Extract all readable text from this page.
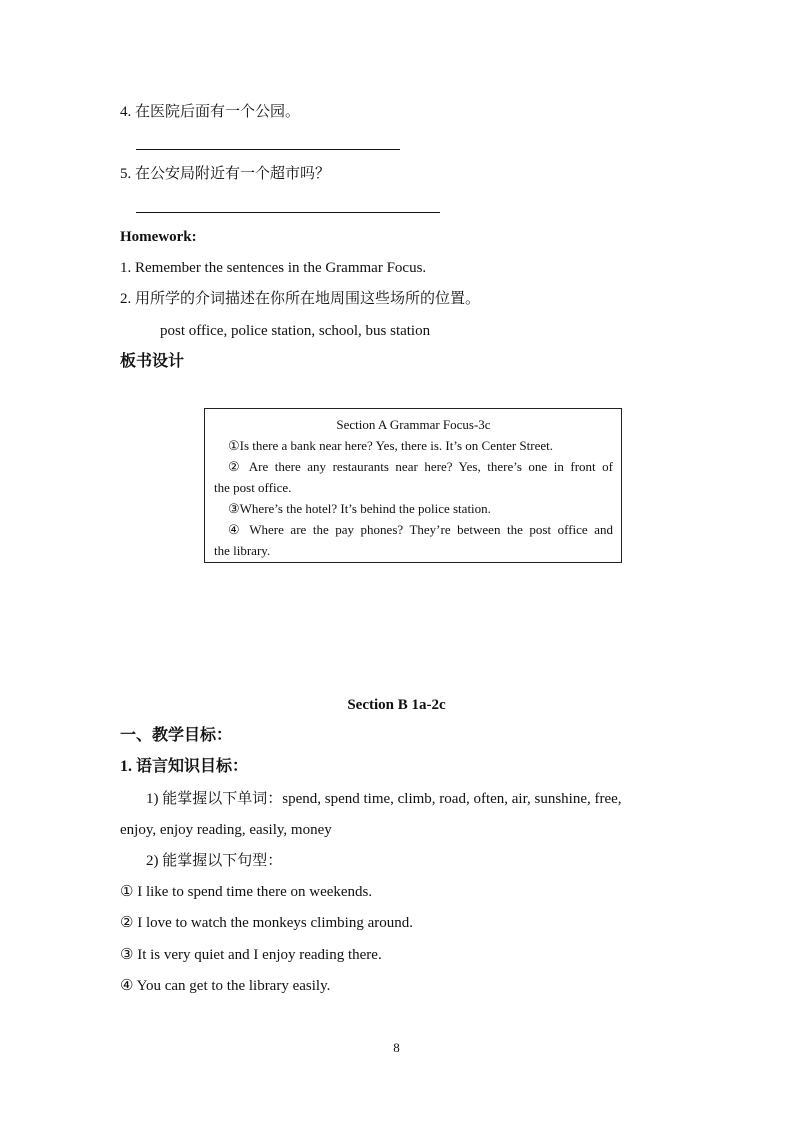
4. 在医院后面有一个公园。
5. 在公安局附近有一个超市吗？
Homework:
1. Remember the sentences in the Grammar Focus.
2. 用所学的介词描述在你所在地周围这些场所的位置。
post office, police station, school, bus station
板书设计
Section A Grammar Focus-3c
①Is there a bank near here? Yes, there is. It’s on Center Street.
② Are there any restaurants near here? Yes, there’s one in front of
the post office.
③Where’s the hotel? It’s behind the police station.
④ Where are the pay phones? They’re between the post office and
the library.
Section B 1a-2c
一、教学目标：
1. 语言知识目标：
1) 能掌握以下单词：spend, spend time, climb, road, often, air, sunshine, free,
enjoy, enjoy reading, easily, money
2) 能掌握以下句型：
① I like to spend time there on weekends.
② I love to watch the monkeys climbing around.
③ It is very quiet and I enjoy reading there.
④ You can get to the library easily.
8
